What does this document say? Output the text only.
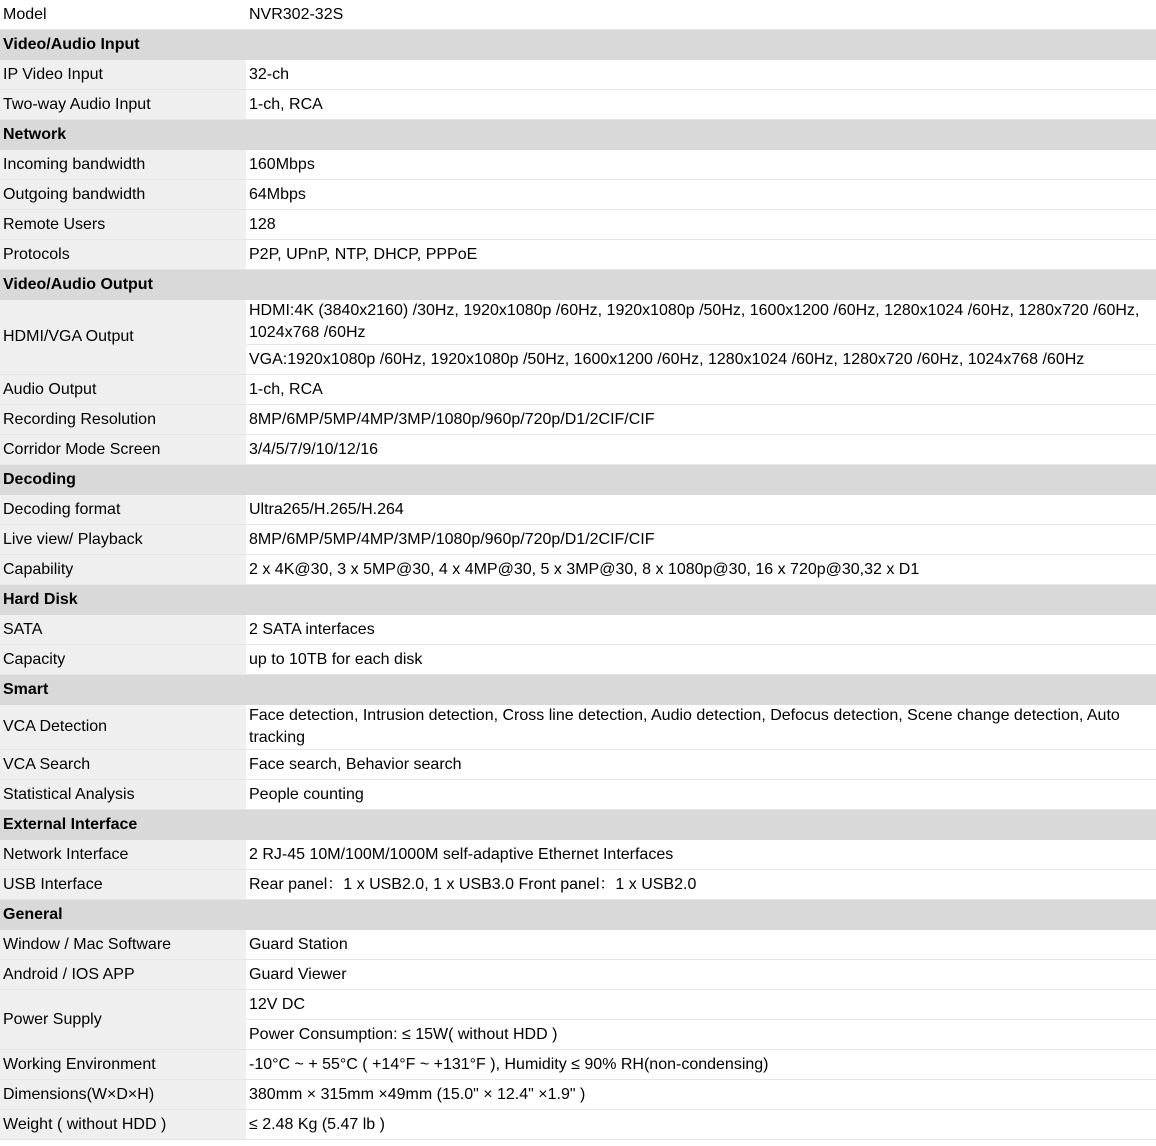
Model	NVR302-32S
Video/Audio Input	
IP Video Input	32-ch
Two-way Audio Input	1-ch, RCA
Network	
Incoming bandwidth	160Mbps
Outgoing bandwidth	64Mbps
Remote Users	128
Protocols	P2P, UPnP, NTP, DHCP, PPPoE
Video/Audio Output	
HDMI/VGA Output	HDMI:4K (3840x2160) /30Hz, 1920x1080p /60Hz, 1920x1080p /50Hz, 1600x1200 /60Hz, 1280x1024 /60Hz, 1280x720 /60Hz, 1024x768 /60Hz
	VGA:1920x1080p /60Hz, 1920x1080p /50Hz, 1600x1200 /60Hz, 1280x1024 /60Hz, 1280x720 /60Hz, 1024x768 /60Hz
Audio Output	1-ch, RCA
Recording Resolution	8MP/6MP/5MP/4MP/3MP/1080p/960p/720p/D1/2CIF/CIF
Corridor Mode Screen	3/4/5/7/9/10/12/16
Decoding	
Decoding format	Ultra265/H.265/H.264
Live view/ Playback	8MP/6MP/5MP/4MP/3MP/1080p/960p/720p/D1/2CIF/CIF
Capability	2 x 4K@30, 3 x 5MP@30, 4 x 4MP@30, 5 x 3MP@30, 8 x 1080p@30, 16 x 720p@30,32 x D1
Hard Disk	
SATA	2 SATA interfaces
Capacity	up to 10TB for each disk
Smart	
VCA Detection	Face detection, Intrusion detection, Cross line detection, Audio detection, Defocus detection, Scene change detection, Auto tracking
VCA Search	Face search, Behavior search
Statistical Analysis	People counting
External Interface	
Network Interface	2 RJ-45 10M/100M/1000M self-adaptive Ethernet Interfaces
USB Interface	Rear panel：1 x USB2.0, 1 x USB3.0 Front panel：1 x USB2.0
General	
Window / Mac Software	Guard Station
Android / IOS APP	Guard Viewer
Power Supply	12V DC
	Power Consumption: ≤ 15W( without HDD )
Working Environment	-10°C ~ + 55°C ( +14°F ~ +131°F ), Humidity ≤ 90% RH(non-condensing)
Dimensions(W×D×H)	380mm × 315mm ×49mm (15.0" × 12.4" ×1.9" )
Weight ( without HDD )	≤ 2.48 Kg (5.47 lb )
